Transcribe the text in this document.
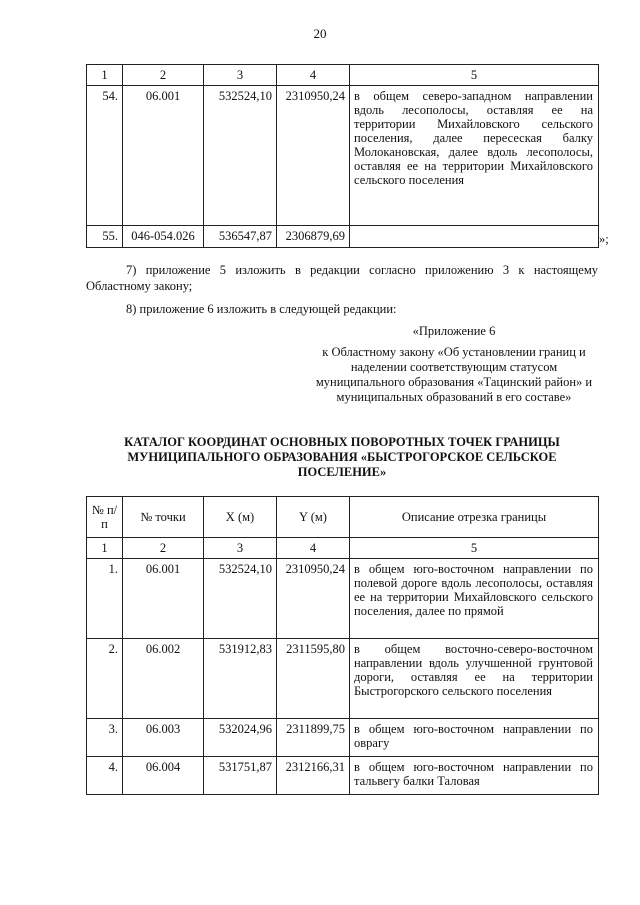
20
1	2	3	4	5
54.	06.001	532524,10	2310950,24	в общем северо-западном направлении вдоль лесополосы, оставляя ее на территории Михайловского сельского поселения, далее пересеская балку Молокановская, далее вдоль лесополосы, оставляя ее на территории Михайловского сельского поселения
55.	046-054.026	536547,87	2306879,69		»;
7) приложение 5 изложить в редакции согласно приложению 3 к настоящему Областному закону;
8) приложение 6 изложить в следующей редакции:
«Приложение 6
к Областному закону «Об установлении границ и наделении соответствующим статусом муниципального образования «Тацинский район» и муниципальных образований в его составе»
КАТАЛОГ КООРДИНАТ ОСНОВНЫХ ПОВОРОТНЫХ ТОЧЕК ГРАНИЦЫ МУНИЦИПАЛЬНОГО ОБРАЗОВАНИЯ «БЫСТРОГОРСКОЕ СЕЛЬСКОЕ ПОСЕЛЕНИЕ»
№ п/п	№ точки	X (м)	Y (м)	Описание отрезка границы
1	2	3	4	5
1.	06.001	532524,10	2310950,24	в общем юго-восточном направлении по полевой дороге вдоль лесополосы, оставляя ее на территории Михайловского сельского поселения, далее по прямой
2.	06.002	531912,83	2311595,80	в общем восточно-северо-восточном направлении вдоль улучшенной грунтовой дороги, оставляя ее на территории Быстрогорского сельского поселения
3.	06.003	532024,96	2311899,75	в общем юго-восточном направлении по оврагу
4.	06.004	531751,87	2312166,31	в общем юго-восточном направлении по тальвегу балки Таловая
